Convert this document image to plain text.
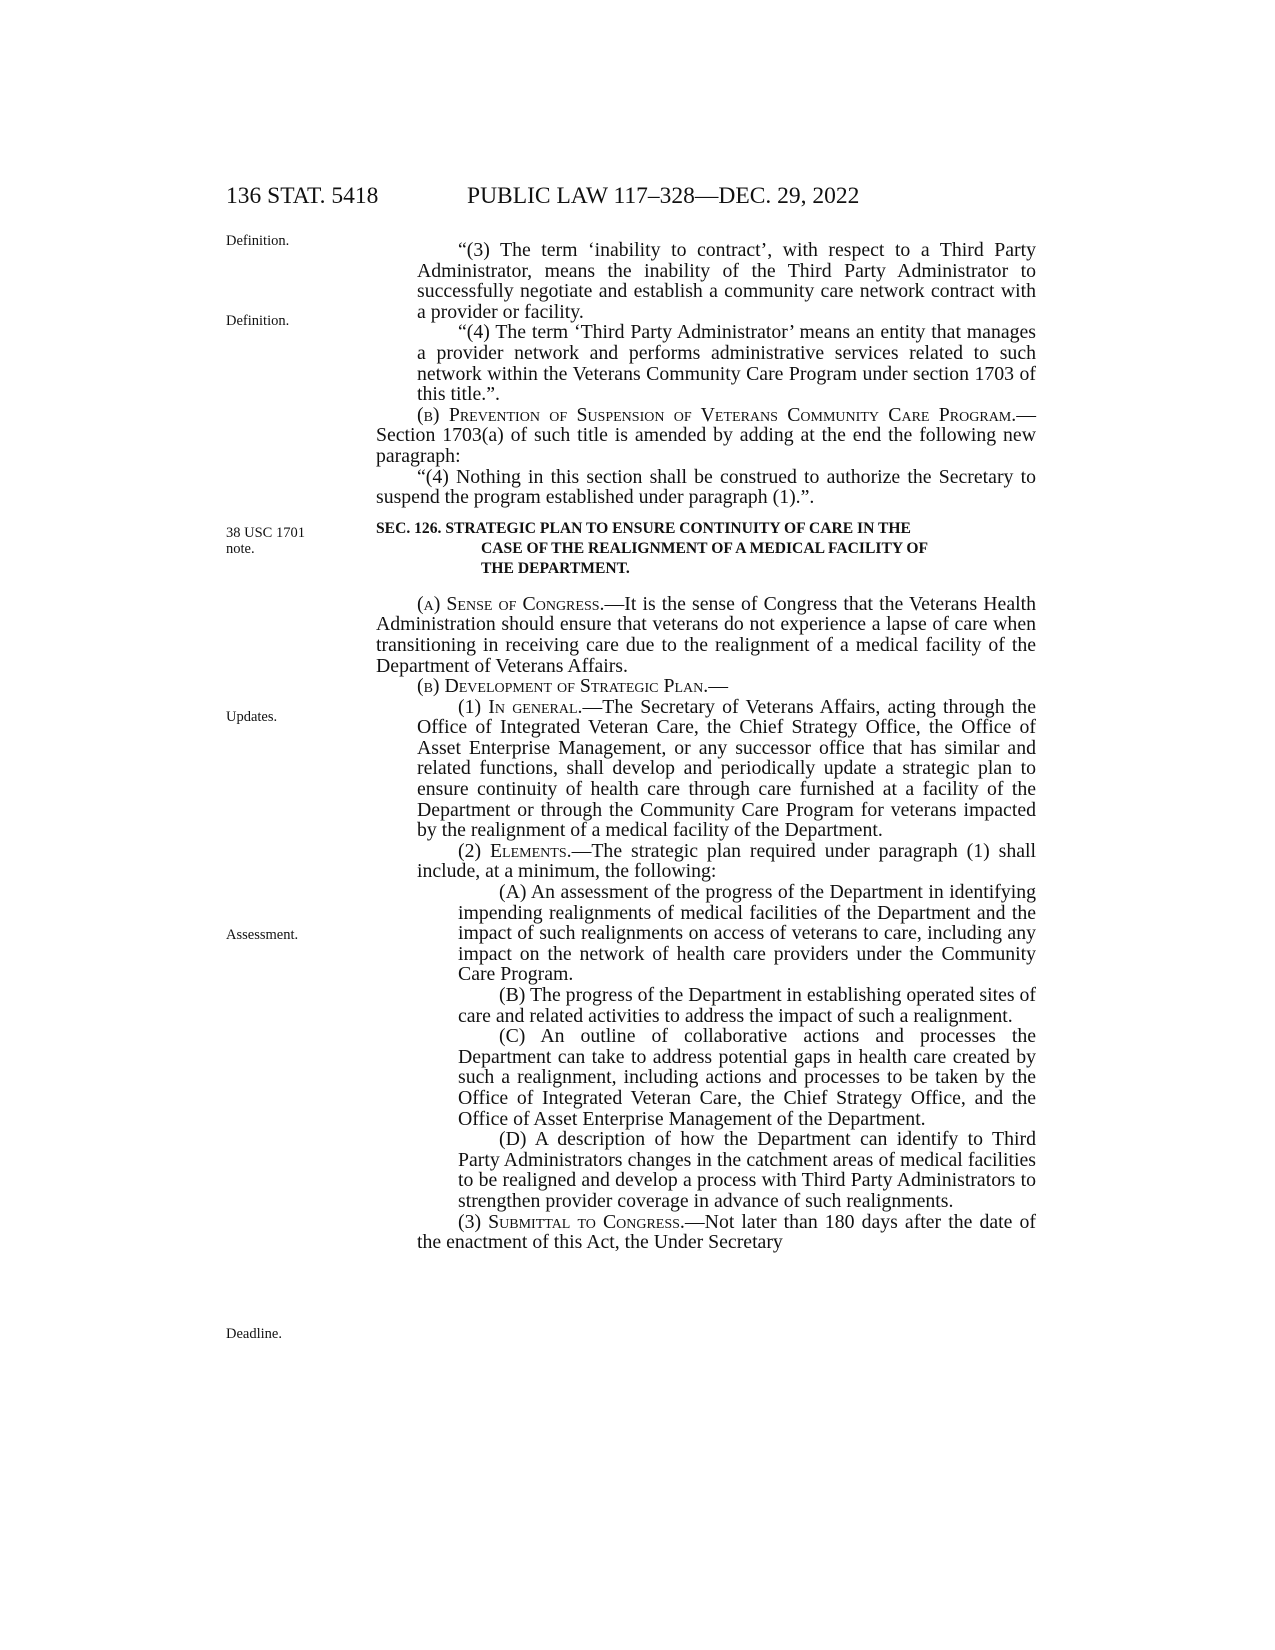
136 STAT. 5418	PUBLIC LAW 117–328—DEC. 29, 2022
Definition.
Definition.
38 USC 1701
note.
Updates.
Assessment.
Deadline.

“(3) The term ‘inability to contract’, with respect to a Third Party Administrator, means the inability of the Third Party Administrator to successfully negotiate and establish a community care network contract with a provider or facility.

“(4) The term ‘Third Party Administrator’ means an entity that manages a provider network and performs administrative services related to such network within the Veterans Community Care Program under section 1703 of this title.”.

(b) Prevention of Suspension of Veterans Community Care Program.—Section 1703(a) of such title is amended by adding at the end the following new paragraph:

“(4) Nothing in this section shall be construed to authorize the Secretary to suspend the program established under paragraph (1).”.

SEC. 126. STRATEGIC PLAN TO ENSURE CONTINUITY OF CARE IN THE
CASE OF THE REALIGNMENT OF A MEDICAL FACILITY OF
THE DEPARTMENT.

(a) Sense of Congress.—It is the sense of Congress that the Veterans Health Administration should ensure that veterans do not experience a lapse of care when transitioning in receiving care due to the realignment of a medical facility of the Department of Veterans Affairs.

(b) Development of Strategic Plan.—

(1) In general.—The Secretary of Veterans Affairs, acting through the Office of Integrated Veteran Care, the Chief Strategy Office, the Office of Asset Enterprise Management, or any successor office that has similar and related functions, shall develop and periodically update a strategic plan to ensure continuity of health care through care furnished at a facility of the Department or through the Community Care Program for veterans impacted by the realignment of a medical facility of the Department.

(2) Elements.—The strategic plan required under paragraph (1) shall include, at a minimum, the following:

(A) An assessment of the progress of the Department in identifying impending realignments of medical facilities of the Department and the impact of such realignments on access of veterans to care, including any impact on the network of health care providers under the Community Care Program.

(B) The progress of the Department in establishing operated sites of care and related activities to address the impact of such a realignment.

(C) An outline of collaborative actions and processes the Department can take to address potential gaps in health care created by such a realignment, including actions and processes to be taken by the Office of Integrated Veteran Care, the Chief Strategy Office, and the Office of Asset Enterprise Management of the Department.

(D) A description of how the Department can identify to Third Party Administrators changes in the catchment areas of medical facilities to be realigned and develop a process with Third Party Administrators to strengthen provider coverage in advance of such realignments.

(3) Submittal to Congress.—Not later than 180 days after the date of the enactment of this Act, the Under Secretary
